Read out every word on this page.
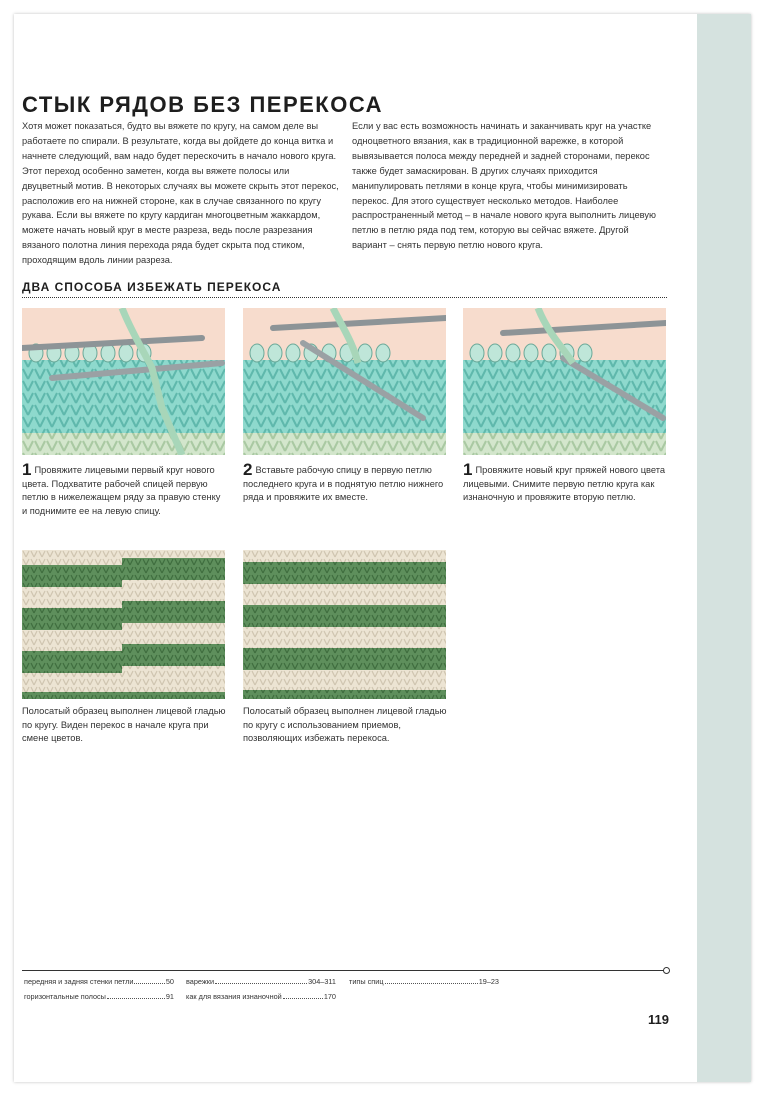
СТЫК РЯДОВ БЕЗ ПЕРЕКОСА

Хотя может показаться, будто вы вяжете по кругу, на самом деле вы работаете по спирали. В результате, когда вы дойдете до конца витка и начнете следующий, вам надо будет перескочить в начало нового круга. Этот переход особенно заметен, когда вы вяжете полосы или двуцветный мотив. В некоторых случаях вы можете скрыть этот перекос, расположив его на нижней стороне, как в случае связанного по кругу рукава. Если вы вяжете по кругу кардиган многоцветным жаккардом, можете начать новый круг в месте разреза, ведь после разрезания вязаного полотна линия перехода ряда будет скрыта под стиком, проходящим вдоль линии разреза.

Если у вас есть возможность начинать и заканчивать круг на участке одноцветного вязания, как в традиционной варежке, в которой вывязывается полоса между передней и задней сторонами, перекос также будет замаскирован. В других случаях приходится манипулировать петлями в конце круга, чтобы минимизировать перекос. Для этого существует несколько методов. Наиболее распространенный метод – в начале нового круга выполнить лицевую петлю в петлю ряда под тем, которую вы сейчас вяжете. Другой вариант – снять первую петлю нового круга.

ДВА СПОСОБА ИЗБЕЖАТЬ ПЕРЕКОСА

1 Провяжите лицевыми первый круг нового цвета. Подхватите рабочей спицей первую петлю в нижележащем ряду за правую стенку и поднимите ее на левую спицу.

2 Вставьте рабочую спицу в первую петлю последнего круга и в поднятую петлю нижнего ряда и провяжите их вместе.

1 Провяжите новый круг пряжей нового цвета лицевыми. Снимите первую петлю круга как изнаночную и провяжите вторую петлю.

Полосатый образец выполнен лицевой гладью по кругу. Виден перекос в начале круга при смене цветов.

Полосатый образец выполнен лицевой гладью по кругу с использованием приемов, позволяющих избежать перекоса.

передняя и задняя стенки петли	50
горизонтальные полосы	91
варежки	304–311
как для вязания изнаночной	170
типы спиц	19–23

119
